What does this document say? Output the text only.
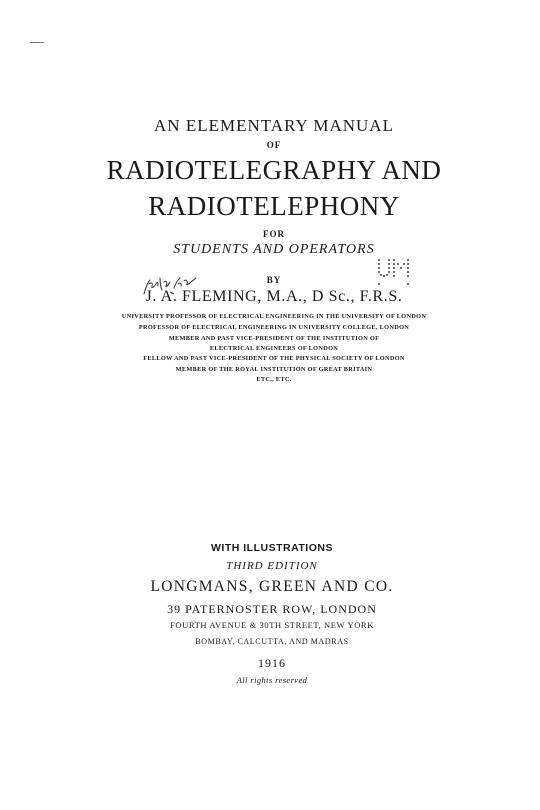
AN ELEMENTARY MANUAL
OF
RADIOTELEGRAPHY AND
RADIOTELEPHONY
FOR
STUDENTS AND OPERATORS
BY
J. A. FLEMING, M.A., D Sc., F.R.S.
UNIVERSITY PROFESSOR OF ELECTRICAL ENGINEERING IN THE UNIVERSITY OF LONDON
PROFESSOR OF ELECTRICAL ENGINEERING IN UNIVERSITY COLLEGE, LONDON
MEMBER AND PAST VICE-PRESIDENT OF THE INSTITUTION OF
ELECTRICAL ENGINEERS OF LONDON
FELLOW AND PAST VICE-PRESIDENT OF THE PHYSICAL SOCIETY OF LONDON
MEMBER OF THE ROYAL INSTITUTION OF GREAT BRITAIN
ETC., ETC.
WITH ILLUSTRATIONS
THIRD EDITION
LONGMANS, GREEN AND CO.
39 PATERNOSTER ROW, LONDON
FOURTH AVENUE & 30TH STREET, NEW YORK
BOMBAY, CALCUTTA, AND MADRAS
1916
All rights reserved
